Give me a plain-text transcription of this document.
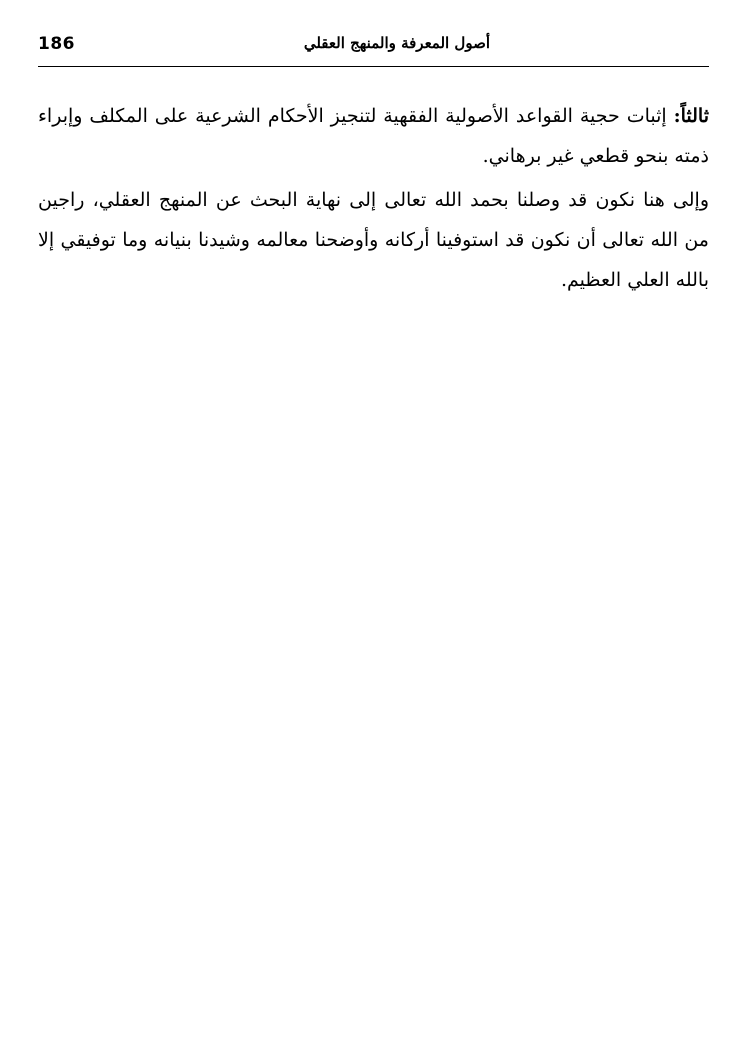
186	أصول المعرفة والمنهج العقلي

ثالثاً: إثبات حجية القواعد الأصولية الفقهية لتنجيز الأحكام الشرعية على المكلف وإبراء ذمته بنحو قطعي غير برهاني.

وإلى هنا نكون قد وصلنا بحمد الله تعالى إلى نهاية البحث عن المنهج العقلي، راجين من الله تعالى أن نكون قد استوفينا أركانه وأوضحنا معالمه وشيدنا بنيانه وما توفيقي إلا بالله العلي العظيم.
